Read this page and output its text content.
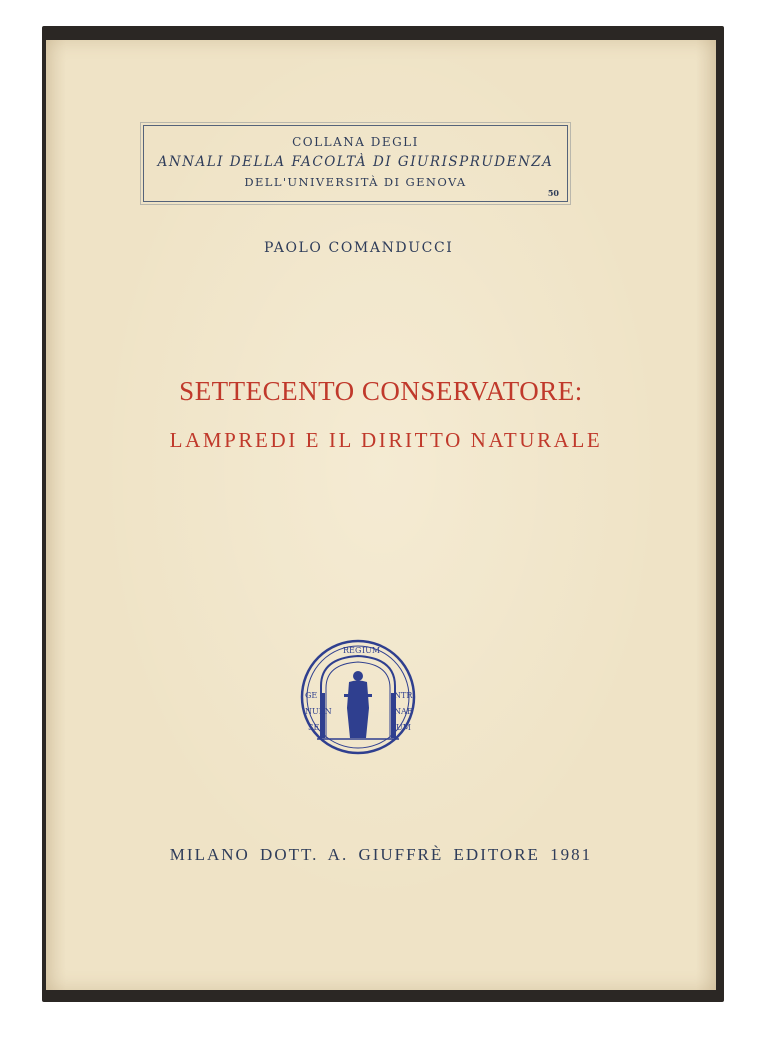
COLLANA DEGLI
ANNALI DELLA FACOLTÀ DI GIURISPRUDENZA
DELL'UNIVERSITÀ DI GENOVA
50
PAOLO COMANDUCCI
SETTECENTO CONSERVATORE:
LAMPREDI E IL DIRITTO NATURALE
RE G IUM
GE
NUEN
SE
NTR
NAE
UM
MILANO DOTT. A. GIUFFRÈ EDITORE 1981
